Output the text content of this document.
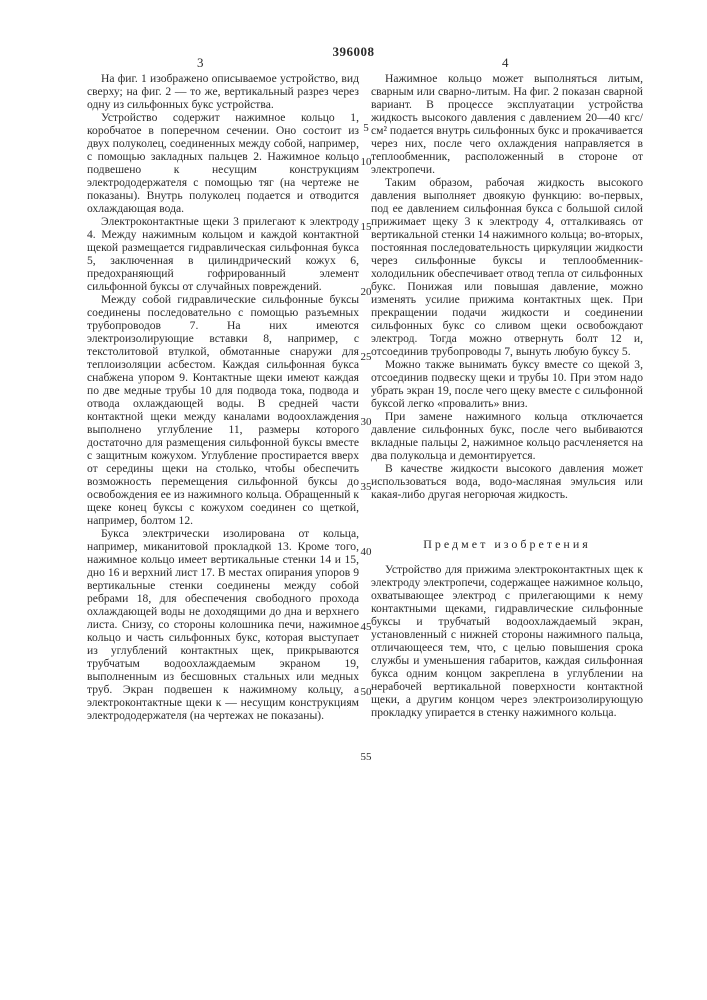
396008
3	4

На фиг. 1 изображено описываемое устройство, вид сверху; на фиг. 2 — то же, вертикальный разрез через одну из сильфонных букс устройства.

Устройство содержит нажимное кольцо 1, коробчатое в поперечном сечении. Оно состоит из двух полуколец, соединенных между собой, например, с помощью закладных пальцев 2. Нажимное кольцо подвешено к несущим конструкциям электрододержателя с помощью тяг (на чертеже не показаны). Внутрь полуколец подается и отводится охлаждающая вода.

Электроконтактные щеки 3 прилегают к электроду 4. Между нажимным кольцом и каждой контактной щекой размещается гидравлическая сильфонная букса 5, заключенная в цилиндрический кожух 6, предохраняющий гофрированный элемент сильфонной буксы от случайных повреждений.

Между собой гидравлические сильфонные буксы соединены последовательно с помощью разъемных трубопроводов 7. На них имеются электроизолирующие вставки 8, например, с текстолитовой втулкой, обмотанные снаружи для теплоизоляции асбестом. Каждая сильфонная букса снабжена упором 9. Контактные щеки имеют каждая по две медные трубы 10 для подвода тока, подвода и отвода охлаждающей воды. В средней части контактной щеки между каналами водоохлаждения выполнено углубление 11, размеры которого достаточно для размещения сильфонной буксы вместе с защитным кожухом. Углубление простирается вверх от середины щеки на столько, чтобы обеспечить возможность перемещения сильфонной буксы до освобождения ее из нажимного кольца. Обращенный к щеке конец буксы с кожухом соединен со щеткой, например, болтом 12.

Букса электрически изолирована от кольца, например, миканитовой прокладкой 13. Кроме того, нажимное кольцо имеет вертикальные стенки 14 и 15, дно 16 и верхний лист 17. В местах опирания упоров 9 вертикальные стенки соединены между собой ребрами 18, для обеспечения свободного прохода охлаждающей воды не доходящими до дна и верхнего листа. Снизу, со стороны колошника печи, нажимное кольцо и часть сильфонных букс, которая выступает из углублений контактных щек, прикрываются трубчатым водоохлаждаемым экраном 19, выполненным из бесшовных стальных или медных труб. Экран подвешен к нажимному кольцу, а электроконтактные щеки к — несущим конструкциям электрододержателя (на чертежах не показаны).

Нажимное кольцо может выполняться литым, сварным или сварно-литым. На фиг. 2 показан сварной вариант. В процессе эксплуатации устройства жидкость высокого давления с давлением 20—40 кгс/см² подается внутрь сильфонных букс и прокачивается через них, после чего охлаждения направляется в теплообменник, расположенный в стороне от электропечи.

Таким образом, рабочая жидкость высокого давления выполняет двоякую функцию: во-первых, под ее давлением сильфонная букса с большой силой прижимает щеку 3 к электроду 4, отталкиваясь от вертикальной стенки 14 нажимного кольца; во-вторых, постоянная последовательность циркуляции жидкости через сильфонные буксы и теплообменник-холодильник обеспечивает отвод тепла от сильфонных букс. Понижая или повышая давление, можно изменять усилие прижима контактных щек. При прекращении подачи жидкости и соединении сильфонных букс со сливом щеки освобождают электрод. Тогда можно отвернуть болт 12 и, отсоединив трубопроводы 7, вынуть любую буксу 5.

Можно также вынимать буксу вместе со щекой 3, отсоединив подвеску щеки и трубы 10. При этом надо убрать экран 19, после чего щеку вместе с сильфонной буксой легко «провалить» вниз.

При замене нажимного кольца отключается давление сильфонных букс, после чего выбиваются вкладные пальцы 2, нажимное кольцо расчленяется на два полукольца и демонтируется.

В качестве жидкости высокого давления может использоваться вода, водо-масляная эмульсия или какая-либо другая негорючая жидкость.

Предмет изобретения

Устройство для прижима электроконтактных щек к электроду электропечи, содержащее нажимное кольцо, охватывающее электрод с прилегающими к нему контактными щеками, гидравлические сильфонные буксы и трубчатый водоохлаждаемый экран, установленный с нижней стороны нажимного пальца, отличающееся тем, что, с целью повышения срока службы и уменьшения габаритов, каждая сильфонная букса одним концом закреплена в углублении на нерабочей вертикальной поверхности контактной щеки, а другим концом через электроизолирующую прокладку упирается в стенку нажимного кольца.

5
10
15
20
25
30
35
40
45
50
55
